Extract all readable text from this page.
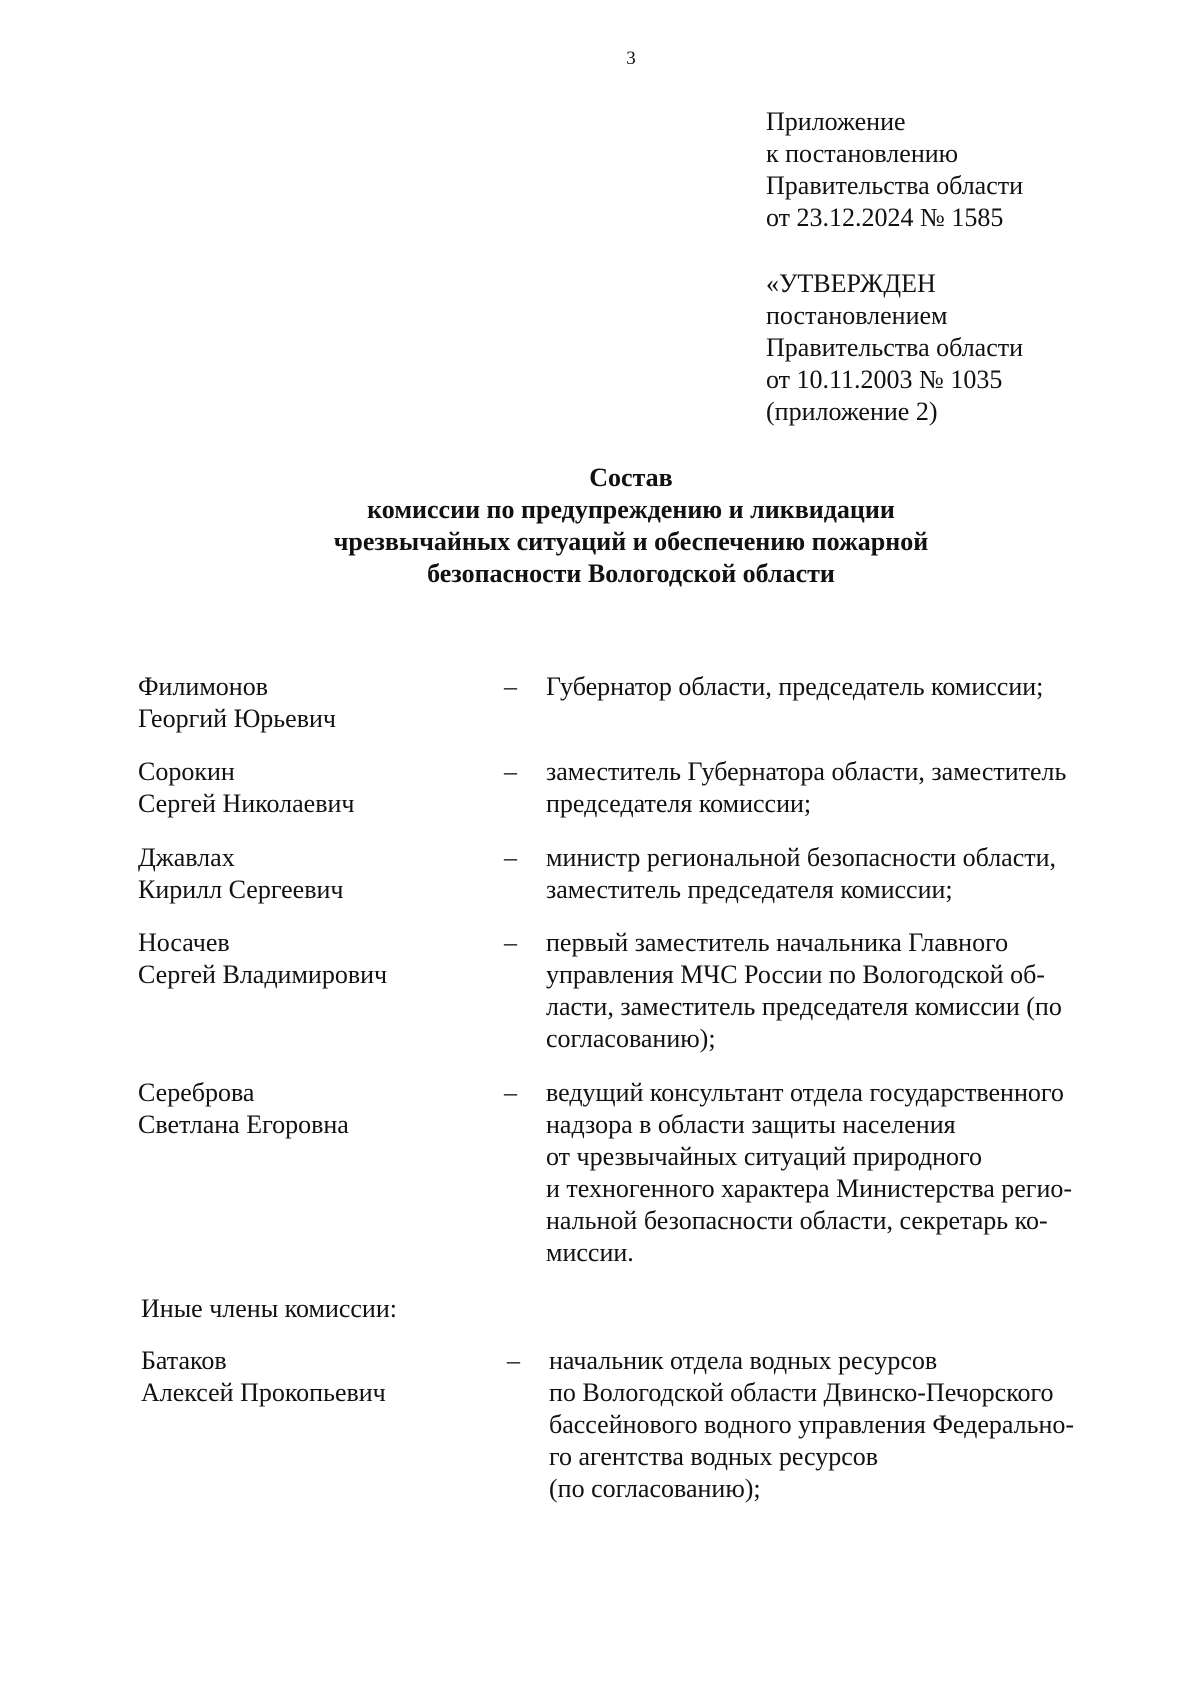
3
Приложение
к постановлению
Правительства области
от 23.12.2024 № 1585
«УТВЕРЖДЕН
постановлением
Правительства области
от 10.11.2003 № 1035
(приложение 2)
Состав
комиссии по предупреждению и ликвидации
чрезвычайных ситуаций и обеспечению пожарной
безопасности Вологодской области
Филимонов
Георгий Юрьевич
– Губернатор области, председатель комиссии;
Сорокин
Сергей Николаевич
– заместитель Губернатора области, заместитель
председателя комиссии;
Джавлах
Кирилл Сергеевич
– министр региональной безопасности области,
заместитель председателя комиссии;
Носачев
Сергей Владимирович
– первый заместитель начальника Главного
управления МЧС России по Вологодской об-
ласти, заместитель председателя комиссии (по
согласованию);
Сереброва
Светлана Егоровна
– ведущий консультант отдела государственного
надзора в области защиты населения
от чрезвычайных ситуаций природного
и техногенного характера Министерства регио-
нальной безопасности области, секретарь ко-
миссии.
Иные члены комиссии:
Батаков
Алексей Прокопьевич
– начальник отдела водных ресурсов
по Вологодской области Двинско-Печорского
бассейнового водного управления Федерально-
го агентства водных ресурсов
(по согласованию);
